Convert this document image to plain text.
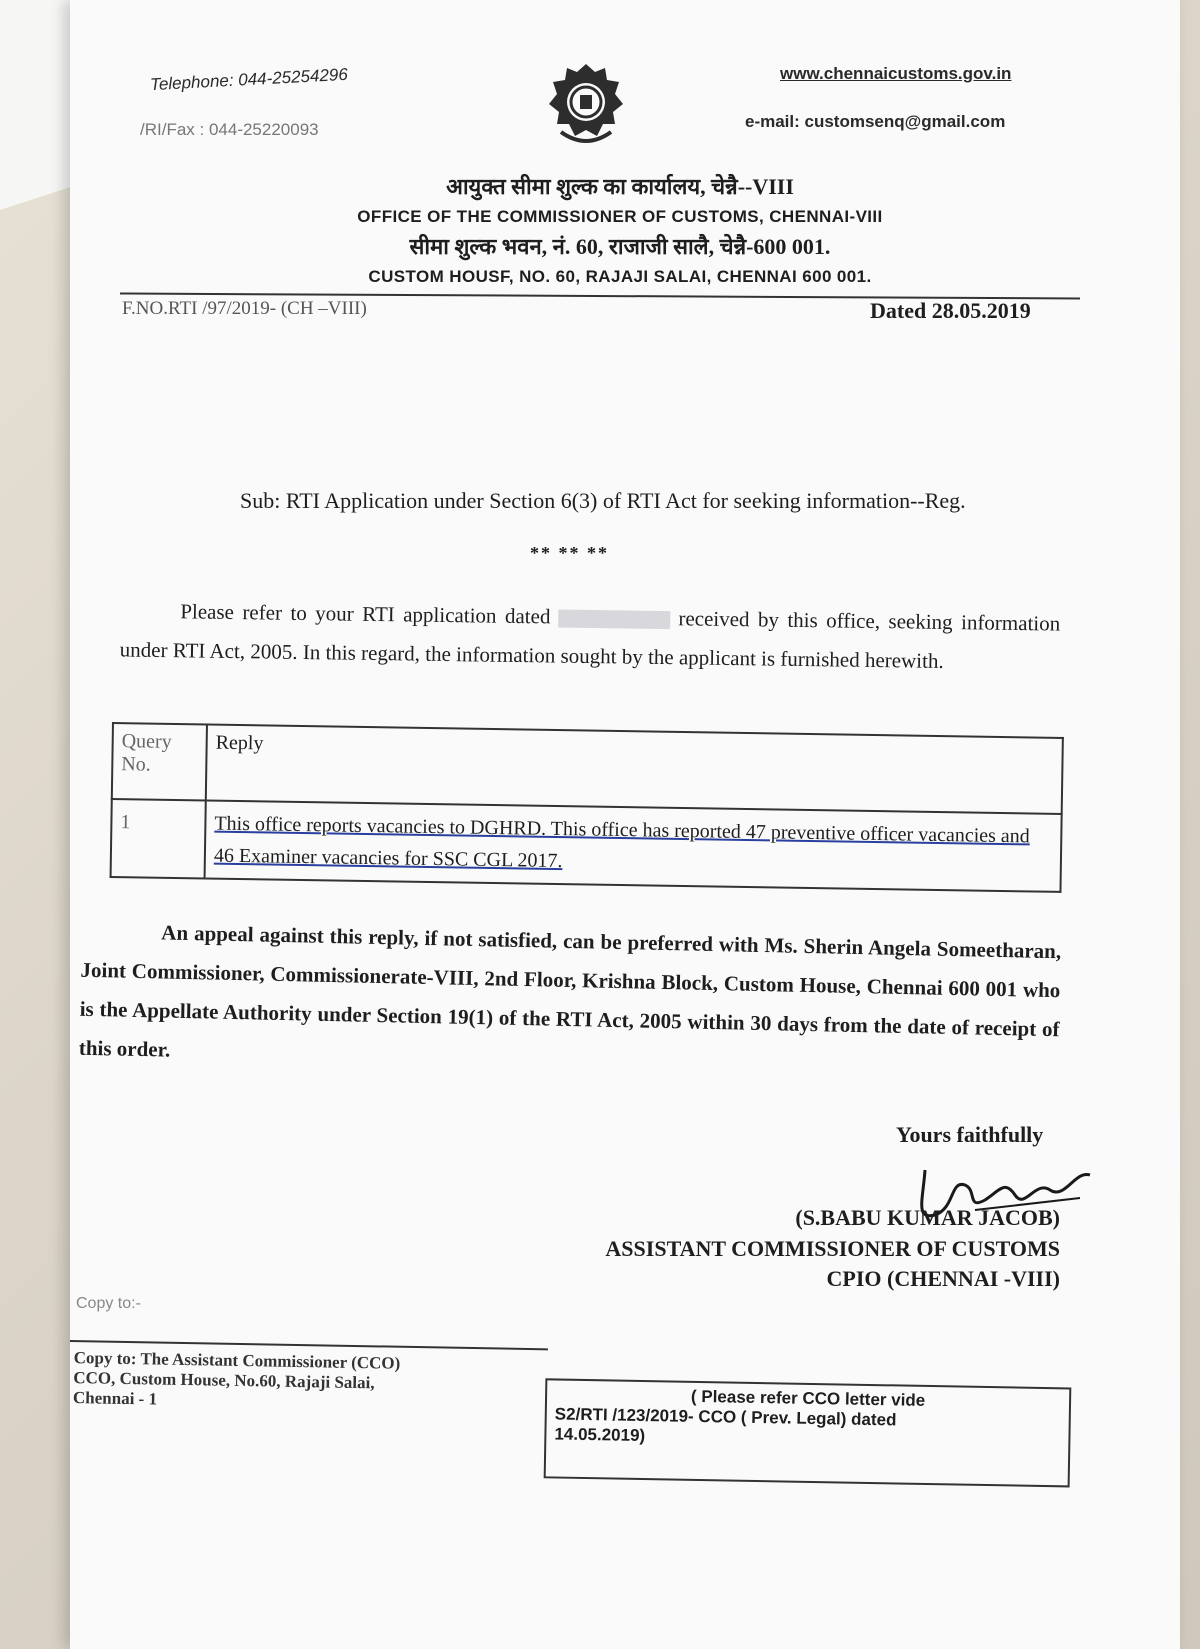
Telephone: 044-25254296
/RI/Fax : 044-25220093
www.chennaicustoms.gov.in
e-mail: customsenq@gmail.com
आयुक्त सीमा शुल्क का कार्यालय, चेन्नै--VIII
OFFICE OF THE COMMISSIONER OF CUSTOMS, CHENNAI-VIII
सीमा शुल्क भवन, नं. 60, राजाजी सालै, चेन्नै-600 001.
CUSTOM HOUSF, NO. 60, RAJAJI SALAI, CHENNAI 600 001.
F.NO.RTI /97/2019- (CH –VIII)	Dated 28.05.2019
Sub: RTI Application under Section 6(3) of RTI Act for seeking information--Reg.
** ** **
Please refer to your RTI application dated	received by this office, seeking information under RTI Act, 2005. In this regard, the information sought by the applicant is furnished herewith.
Query No.	Reply
1	This office reports vacancies to DGHRD. This office has reported 47 preventive officer vacancies and 46 Examiner vacancies for SSC CGL 2017.
An appeal against this reply, if not satisfied, can be preferred with Ms. Sherin Angela Someetharan, Joint Commissioner, Commissionerate-VIII, 2nd Floor, Krishna Block, Custom House, Chennai 600 001 who is the Appellate Authority under Section 19(1) of the RTI Act, 2005 within 30 days from the date of receipt of this order.
Yours faithfully
(S.BABU KUMAR JACOB)
ASSISTANT COMMISSIONER OF CUSTOMS
CPIO (CHENNAI -VIII)
Copy to:-
Copy to: The Assistant Commissioner (CCO)
CCO, Custom House, No.60, Rajaji Salai,
Chennai - 1	( Please refer CCO letter vide
S2/RTI /123/2019- CCO ( Prev. Legal) dated
14.05.2019)
